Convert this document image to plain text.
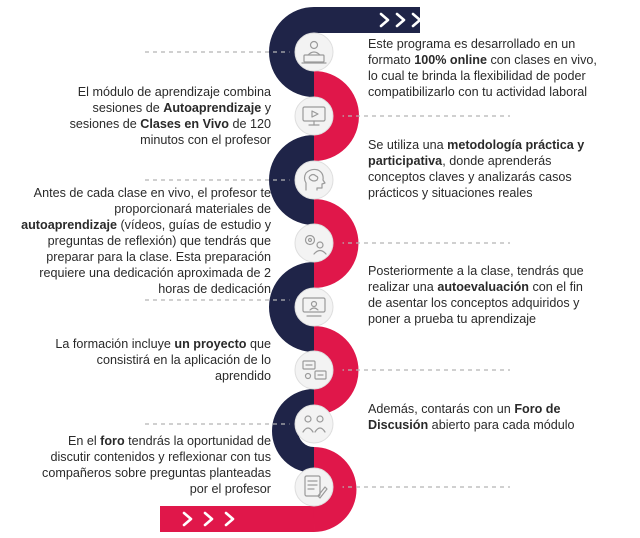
Este programa es desarrollado en un formato 100% online con clases en vivo, lo cual te brinda la flexibilidad de poder compatibilizarlo con tu actividad laboral

El módulo de aprendizaje combina sesiones de Autoaprendizaje y sesiones de Clases en Vivo de 120 minutos con el profesor	Se utiliza una metodología práctica y participativa, donde aprenderás conceptos claves y analizarás casos prácticos y situaciones reales

Antes de cada clase en vivo, el profesor te proporcionará materiales de autoaprendizaje (vídeos, guías de estudio y preguntas de reflexión) que tendrás que preparar para la clase. Esta preparación requiere una dedicación aproximada de 2 horas de dedicación

Posteriormente a la clase, tendrás que realizar una autoevaluación con el fin de asentar los conceptos adquiridos y poner a prueba tu aprendizaje

La formación incluye un proyecto que consistirá en la aplicación de lo aprendido

Además, contarás con un Foro de Discusión abierto para cada módulo

En el foro tendrás la oportunidad de discutir contenidos y reflexionar con tus compañeros sobre preguntas planteadas por el profesor
